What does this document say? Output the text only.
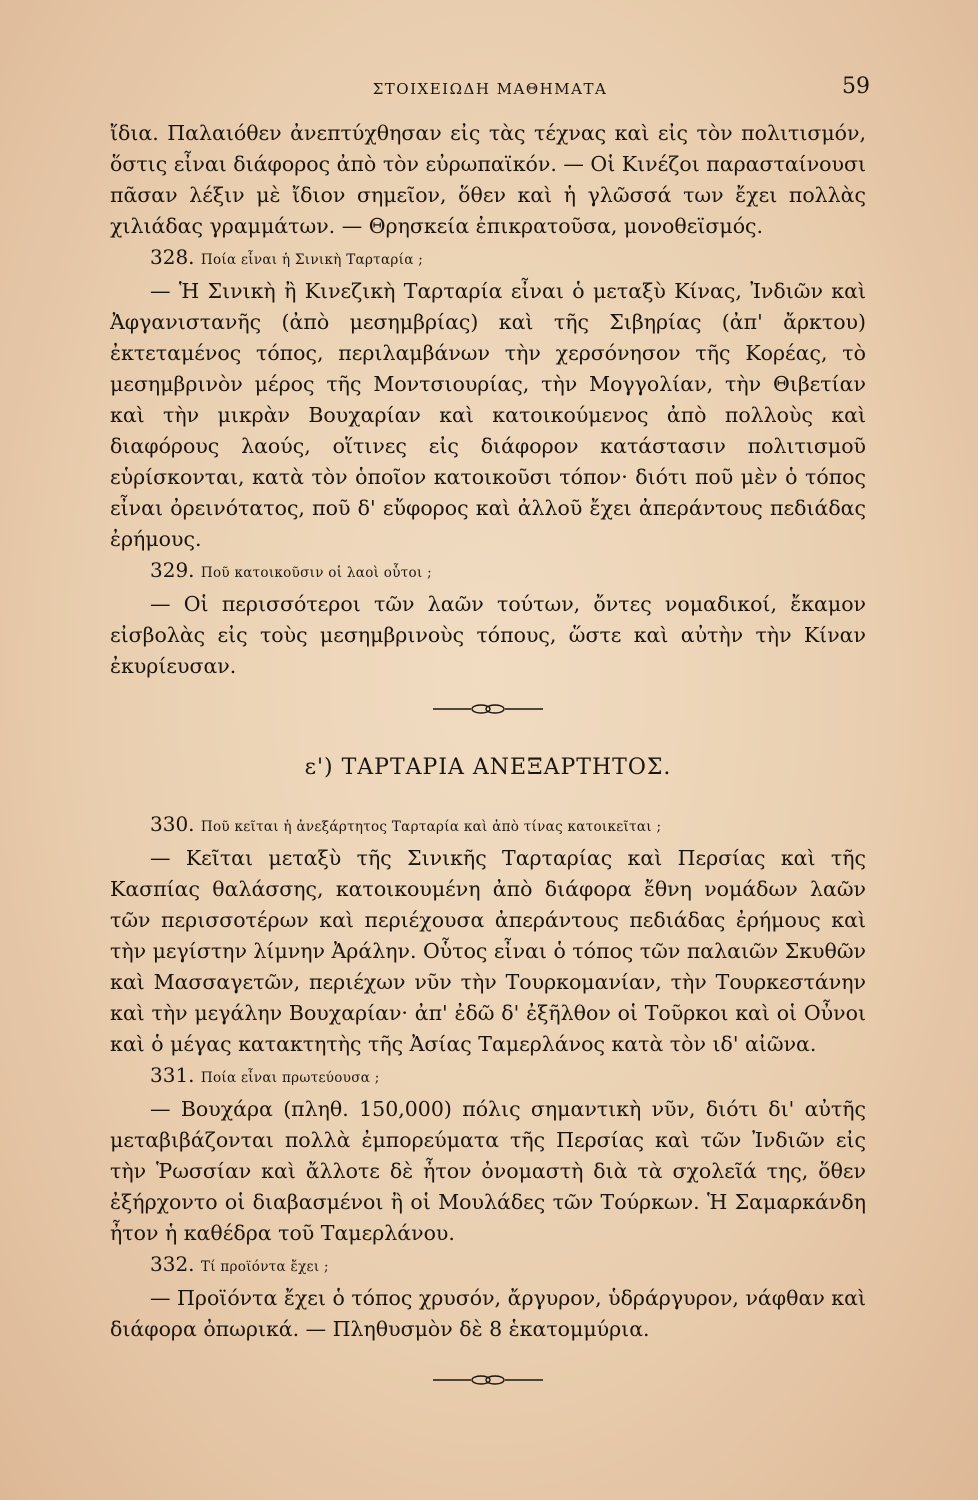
ΣΤΟΙΧΕΙΩΔΗ ΜΑΘΗΜΑΤΑ	59

ἴδια. Παλαιόθεν ἀνεπτύχθησαν εἰς τὰς τέχνας καὶ εἰς τὸν πολιτισμόν, ὅστις εἶναι διάφορος ἀπὸ τὸν εὐρωπαϊκόν. — Οἱ Κινέζοι παρασταίνουσι πᾶσαν λέξιν μὲ ἴδιον σημεῖον, ὅθεν καὶ ἡ γλῶσσά των ἔχει πολλὰς χιλιάδας γραμμάτων. — Θρησκεία ἐπικρατοῦσα, μονοθεϊσμός.

328. Ποία εἶναι ἡ Σινικὴ Ταρταρία ;

— Ἡ Σινικὴ ἢ Κινεζικὴ Ταρταρία εἶναι ὁ μεταξὺ Κίνας, Ἰνδιῶν καὶ Ἀφγανιστανῆς (ἀπὸ μεσημβρίας) καὶ τῆς Σιβηρίας (ἀπ' ἄρκτου) ἐκτεταμένος τόπος, περιλαμβάνων τὴν χερσόνησον τῆς Κορέας, τὸ μεσημβρινὸν μέρος τῆς Μοντσιουρίας, τὴν Μογγολίαν, τὴν Θιβετίαν καὶ τὴν μικρὰν Βουχαρίαν καὶ κατοικούμενος ἀπὸ πολλοὺς καὶ διαφόρους λαούς, οἵτινες εἰς διάφορον κατάστασιν πολιτισμοῦ εὑρίσκονται, κατὰ τὸν ὁποῖον κατοικοῦσι τόπον· διότι ποῦ μὲν ὁ τόπος εἶναι ὀρεινότατος, ποῦ δ' εὔφορος καὶ ἀλλοῦ ἔχει ἀπεράντους πεδιάδας ἐρήμους.

329. Ποῦ κατοικοῦσιν οἱ λαοὶ οὗτοι ;

— Οἱ περισσότεροι τῶν λαῶν τούτων, ὄντες νομαδικοί, ἔκαμον εἰσβολὰς εἰς τοὺς μεσημβρινοὺς τόπους, ὥστε καὶ αὐτὴν τὴν Κίναν ἐκυρίευσαν.

ε') ΤΑΡΤΑΡΙΑ ΑΝΕΞΑΡΤΗΤΟΣ.

330. Ποῦ κεῖται ἡ ἀνεξάρτητος Ταρταρία καὶ ἀπὸ τίνας κατοικεῖται ;

— Κεῖται μεταξὺ τῆς Σινικῆς Ταρταρίας καὶ Περσίας καὶ τῆς Κασπίας θαλάσσης, κατοικουμένη ἀπὸ διάφορα ἔθνη νομάδων λαῶν τῶν περισσοτέρων καὶ περιέχουσα ἀπεράντους πεδιάδας ἐρήμους καὶ τὴν μεγίστην λίμνην Ἀράλην. Οὗτος εἶναι ὁ τόπος τῶν παλαιῶν Σκυθῶν καὶ Μασσαγετῶν, περιέχων νῦν τὴν Τουρκομανίαν, τὴν Τουρκεστάνην καὶ τὴν μεγάλην Βουχαρίαν· ἀπ' ἐδῶ δ' ἐξῆλθον οἱ Τοῦρκοι καὶ οἱ Οὖνοι καὶ ὁ μέγας κατακτητὴς τῆς Ἀσίας Ταμερλάνος κατὰ τὸν ιδ' αἰῶνα.

331. Ποία εἶναι πρωτεύουσα ;

— Βουχάρα (πληθ. 150,000) πόλις σημαντικὴ νῦν, διότι δι' αὐτῆς μεταβιβάζονται πολλὰ ἐμπορεύματα τῆς Περσίας καὶ τῶν Ἰνδιῶν εἰς τὴν Ῥωσσίαν καὶ ἄλλοτε δὲ ἦτον ὀνομαστὴ διὰ τὰ σχολεῖά της, ὅθεν ἐξήρχοντο οἱ διαβασμένοι ἢ οἱ Μουλάδες τῶν Τούρκων. Ἡ Σαμαρκάνδη ἦτον ἡ καθέδρα τοῦ Ταμερλάνου.

332. Τί προϊόντα ἔχει ;

— Προϊόντα ἔχει ὁ τόπος χρυσόν, ἄργυρον, ὑδράργυρον, νάφθαν καὶ διάφορα ὀπωρικά. — Πληθυσμὸν δὲ 8 ἑκατομμύρια.
